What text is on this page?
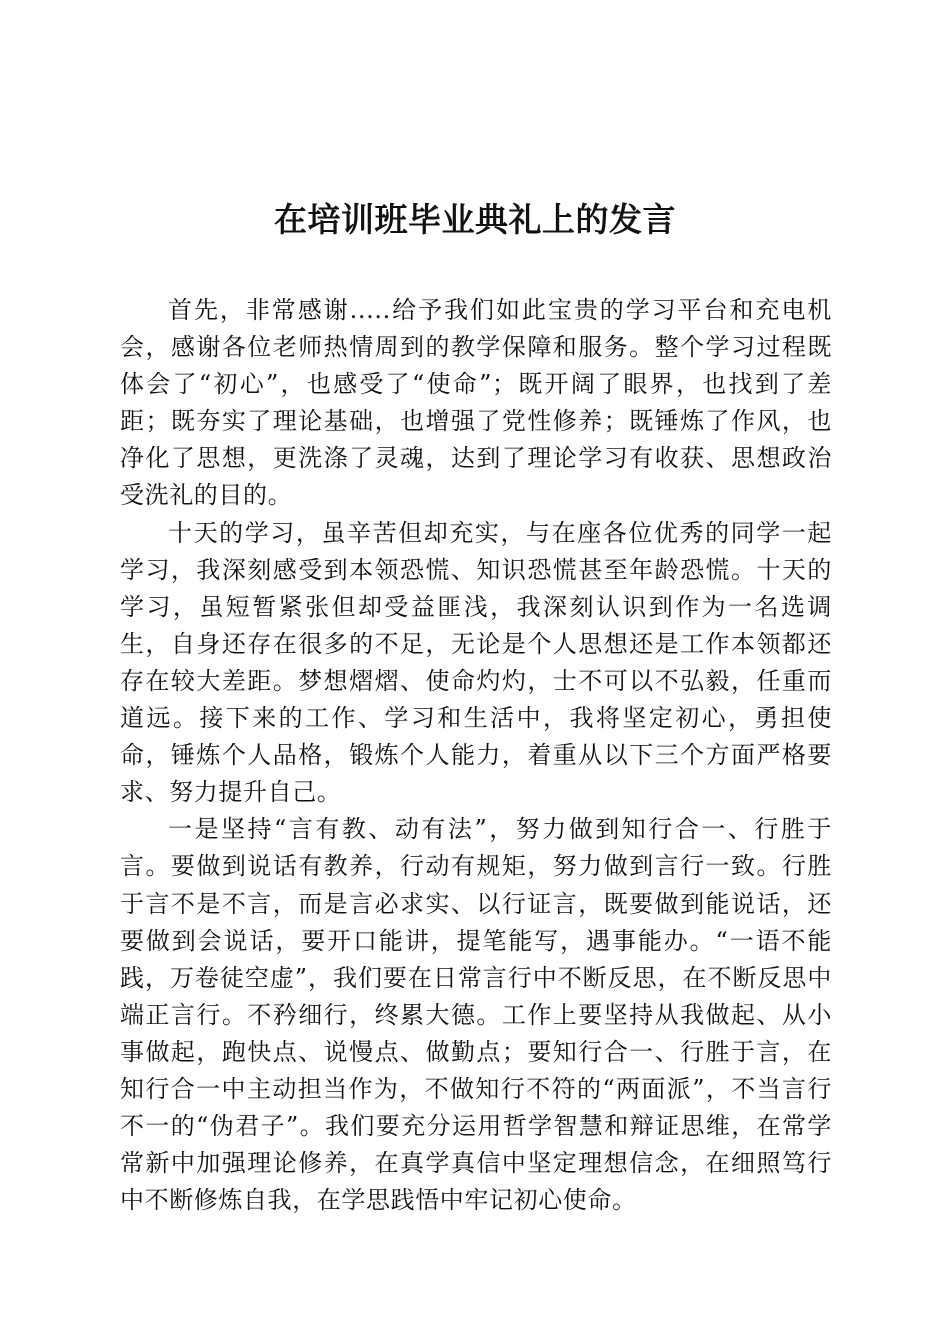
在培训班毕业典礼上的发言

首先，非常感谢.....给予我们如此宝贵的学习平台和充电机会，感谢各位老师热情周到的教学保障和服务。整个学习过程既体会了“初心”，也感受了“使命”；既开阔了眼界，也找到了差距；既夯实了理论基础，也增强了党性修养；既锤炼了作风，也净化了思想，更洗涤了灵魂，达到了理论学习有收获、思想政治受洗礼的目的。

十天的学习，虽辛苦但却充实，与在座各位优秀的同学一起学习，我深刻感受到本领恐慌、知识恐慌甚至年龄恐慌。十天的学习，虽短暂紧张但却受益匪浅，我深刻认识到作为一名选调生，自身还存在很多的不足，无论是个人思想还是工作本领都还存在较大差距。梦想熠熠、使命灼灼，士不可以不弘毅，任重而道远。接下来的工作、学习和生活中，我将坚定初心，勇担使命，锤炼个人品格，锻炼个人能力，着重从以下三个方面严格要求、努力提升自己。

一是坚持“言有教、动有法”，努力做到知行合一、行胜于言。要做到说话有教养，行动有规矩，努力做到言行一致。行胜于言不是不言，而是言必求实、以行证言，既要做到能说话，还要做到会说话，要开口能讲，提笔能写，遇事能办。“一语不能践，万卷徒空虚”，我们要在日常言行中不断反思，在不断反思中端正言行。不矜细行，终累大德。工作上要坚持从我做起、从小事做起，跑快点、说慢点、做勤点；要知行合一、行胜于言，在知行合一中主动担当作为，不做知行不符的“两面派”，不当言行不一的“伪君子”。我们要充分运用哲学智慧和辩证思维，在常学常新中加强理论修养，在真学真信中坚定理想信念，在细照笃行中不断修炼自我，在学思践悟中牢记初心使命。
